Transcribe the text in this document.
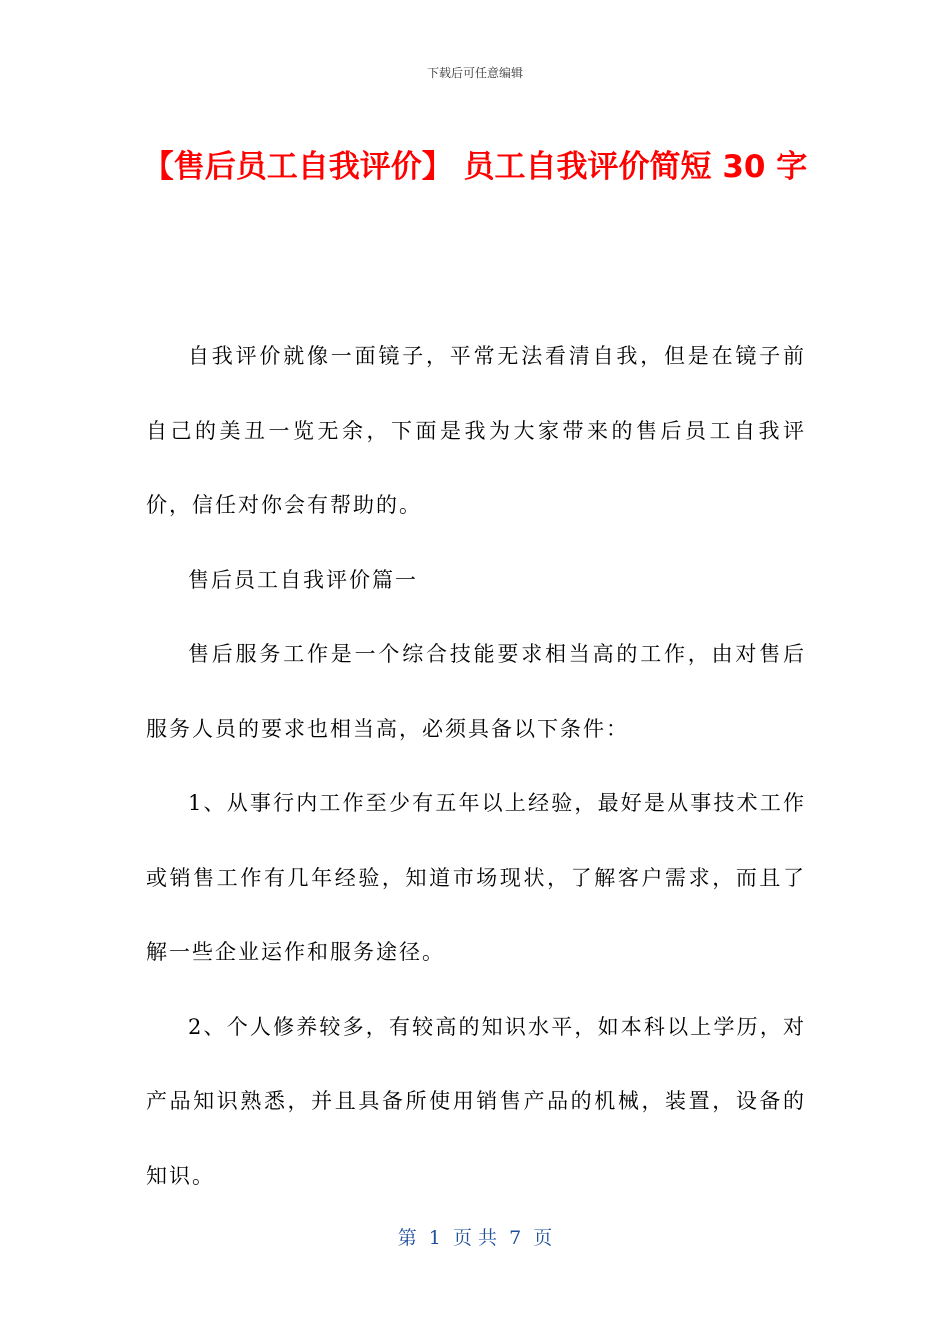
下载后可任意编辑
【售后员工自我评价】 员工自我评价简短 30 字

自我评价就像一面镜子，平常无法看清自我，但是在镜子前自己的美丑一览无余，下面是我为大家带来的售后员工自我评价，信任对你会有帮助的。

售后员工自我评价篇一

售后服务工作是一个综合技能要求相当高的工作，由对售后服务人员的要求也相当高，必须具备以下条件：

1、从事行内工作至少有五年以上经验，最好是从事技术工作或销售工作有几年经验，知道市场现状，了解客户需求，而且了解一些企业运作和服务途径。

2、个人修养较多，有较高的知识水平，如本科以上学历，对产品知识熟悉，并且具备所使用销售产品的机械，装置，设备的知识。

第  1  页 共  7  页
